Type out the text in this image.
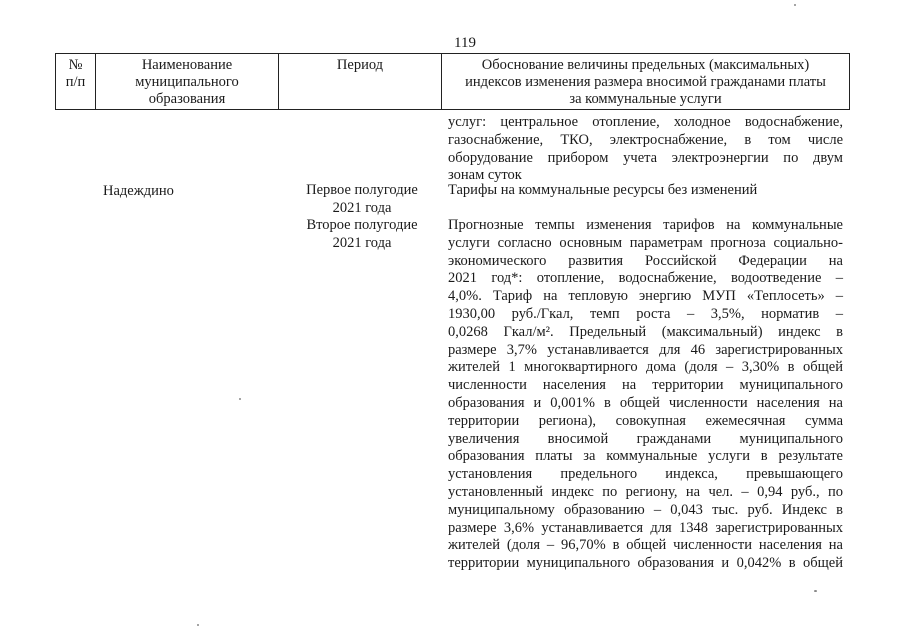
119
№
п/п
Наименование
муниципального
образования
Период	Обоснование величины предельных (максимальных)
индексов изменения размера вносимой гражданами платы
за коммунальные услуги
услуг: центральное отопление, холодное водоснабжение,
газоснабжение, ТКО, электроснабжение, в том числе
оборудование прибором учета электроэнергии по двум
зонам суток
Надеждино	Первое полугодие
2021 года
Тарифы на коммунальные ресурсы без изменений
Второе полугодие
2021 года
Прогнозные темпы изменения тарифов на коммунальные
услуги согласно основным параметрам прогноза социально-
экономического развития Российской Федерации на
2021 год*: отопление, водоснабжение, водоотведение –
4,0%. Тариф на тепловую энергию МУП «Теплосеть» –
1930,00 руб./Гкал, темп роста – 3,5%, норматив –
0,0268 Гкал/м². Предельный (максимальный) индекс в
размере 3,7% устанавливается для 46 зарегистрированных
жителей 1 многоквартирного дома (доля – 3,30% в общей
численности населения на территории муниципального
образования и 0,001% в общей численности населения на
территории региона), совокупная ежемесячная сумма
увеличения вносимой гражданами муниципального
образования платы за коммунальные услуги в результате
установления предельного индекса, превышающего
установленный индекс по региону, на чел. – 0,94 руб., по
муниципальному образованию – 0,043 тыс. руб. Индекс в
размере 3,6% устанавливается для 1348 зарегистрированных
жителей (доля – 96,70% в общей численности населения на
территории муниципального образования и 0,042% в общей
